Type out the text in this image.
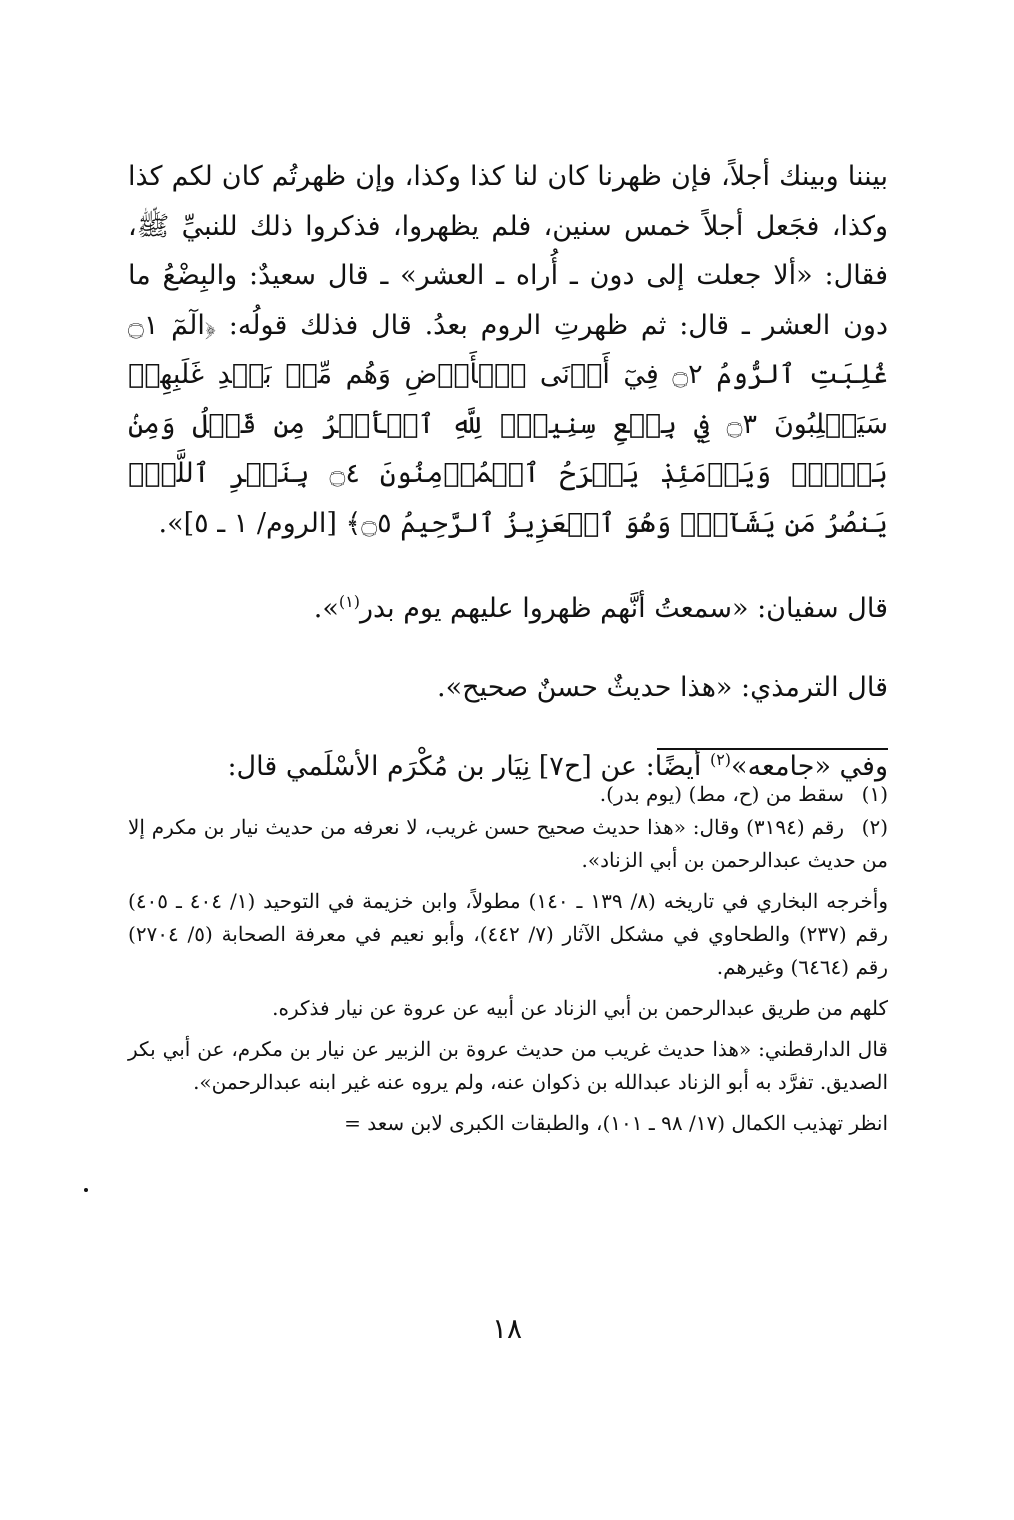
بيننا وبينك أجلاً، فإن ظهرنا كان لنا كذا وكذا، وإن ظهرتُم كان لكم كذا وكذا، فجَعل أجلاً خمس سنين، فلم يظهروا، فذكروا ذلك للنبيِّ ﷺ، فقال: «ألا جعلت إلى دون ـ أُراه ـ العشر» ـ قال سعيدٌ: والبِضْعُ ما دون العشر ـ قال: ثم ظهرتِ الروم بعدُ. قال فذلك قولُه: ﴿الٓمٓ ۝١ غُلِبَتِ ٱلرُّومُ ۝٢ فِيٓ أَدۡنَى ٱلۡأَرۡضِ وَهُم مِّنۢ بَعۡدِ غَلَبِهِمۡ سَيَغۡلِبُونَ ۝٣ فِي بِضۡعِ سِنِينَۗ لِلَّهِ ٱلۡأَمۡرُ مِن قَبۡلُ وَمِنۢ بَعۡدُۚ وَيَوۡمَئِذٖ يَفۡرَحُ ٱلۡمُؤۡمِنُونَ ۝٤ بِنَصۡرِ ٱللَّهِۚ يَنصُرُ مَن يَشَآءُۖ وَهُوَ ٱلۡعَزِيزُ ٱلرَّحِيمُ ۝٥﴾ [الروم/ ١ ـ ٥]».

قال سفيان: «سمعتُ أنَّهم ظهروا عليهم يوم بدر$^{(١)}$».

قال الترمذي: «هذا حديثٌ حسنٌ صحيح».

وفي «جامعه»$^{(٢)}$ أيضًا: عن [ح٧] نِيَار بن مُكْرَم الأسْلَمي قال:

(١)سقط من (ح، مط) (يوم بدر).

(٢)رقم (٣١٩٤) وقال: «هذا حديث صحيح حسن غريب، لا نعرفه من حديث نيار بن مكرم إلا من حديث عبدالرحمن بن أبي الزناد».

وأخرجه البخاري في تاريخه (٨/ ١٣٩ ـ ١٤٠) مطولاً، وابن خزيمة في التوحيد (١/ ٤٠٤ ـ ٤٠٥) رقم (٢٣٧) والطحاوي في مشكل الآثار (٧/ ٤٤٢)، وأبو نعيم في معرفة الصحابة (٥/ ٢٧٠٤) رقم (٦٤٦٤) وغيرهم.

كلهم من طريق عبدالرحمن بن أبي الزناد عن أبيه عن عروة عن نيار فذكره.

قال الدارقطني: «هذا حديث غريب من حديث عروة بن الزبير عن نيار بن مكرم، عن أبي بكر الصديق. تفرَّد به أبو الزناد عبدالله بن ذكوان عنه، ولم يروه عنه غير ابنه عبدالرحمن».

انظر تهذيب الكمال (١٧/ ٩٨ ـ ١٠١)، والطبقات الكبرى لابن سعد =

١٨
